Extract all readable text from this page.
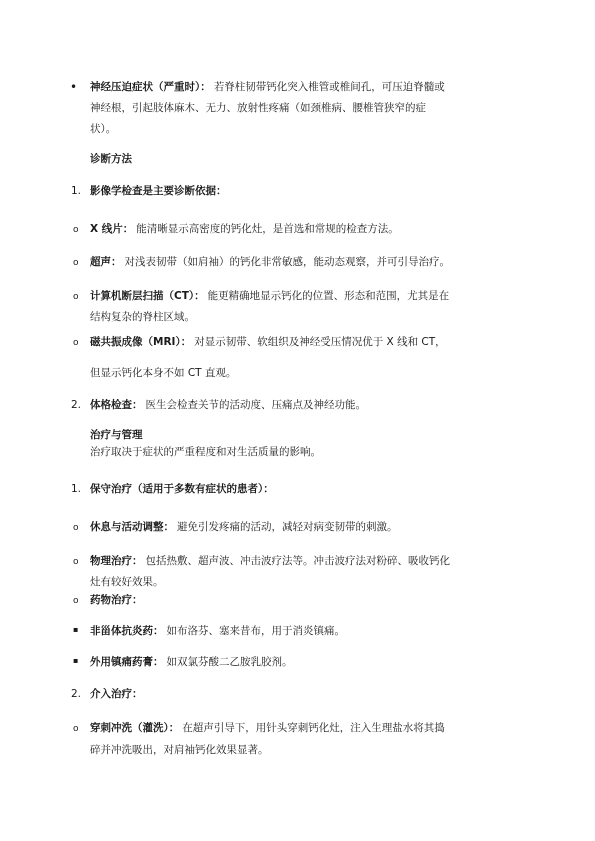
• 神经压迫症状（严重时）： 若脊柱韧带钙化突入椎管或椎间孔，可压迫脊髓或
神经根，引起肢体麻木、无力、放射性疼痛（如颈椎病、腰椎管狭窄的症
状）。
诊断方法
1. 影像学检查是主要诊断依据：
o X 线片： 能清晰显示高密度的钙化灶，是首选和常规的检查方法。
o 超声： 对浅表韧带（如肩袖）的钙化非常敏感，能动态观察，并可引导治疗。
o 计算机断层扫描（CT）： 能更精确地显示钙化的位置、形态和范围，尤其是在
结构复杂的脊柱区域。
o 磁共振成像（MRI）： 对显示韧带、软组织及神经受压情况优于 X 线和 CT，
但显示钙化本身不如 CT 直观。
2. 体格检查： 医生会检查关节的活动度、压痛点及神经功能。
治疗与管理
治疗取决于症状的严重程度和对生活质量的影响。
1. 保守治疗（适用于多数有症状的患者）：
o 休息与活动调整： 避免引发疼痛的活动，减轻对病变韧带的刺激。
o 物理治疗： 包括热敷、超声波、冲击波疗法等。冲击波疗法对粉碎、吸收钙化
灶有较好效果。
o 药物治疗：
▪ 非甾体抗炎药： 如布洛芬、塞来昔布，用于消炎镇痛。
▪ 外用镇痛药膏： 如双氯芬酸二乙胺乳胶剂。
2. 介入治疗：
o 穿刺冲洗（灌洗）： 在超声引导下，用针头穿刺钙化灶，注入生理盐水将其捣
碎并冲洗吸出，对肩袖钙化效果显著。
